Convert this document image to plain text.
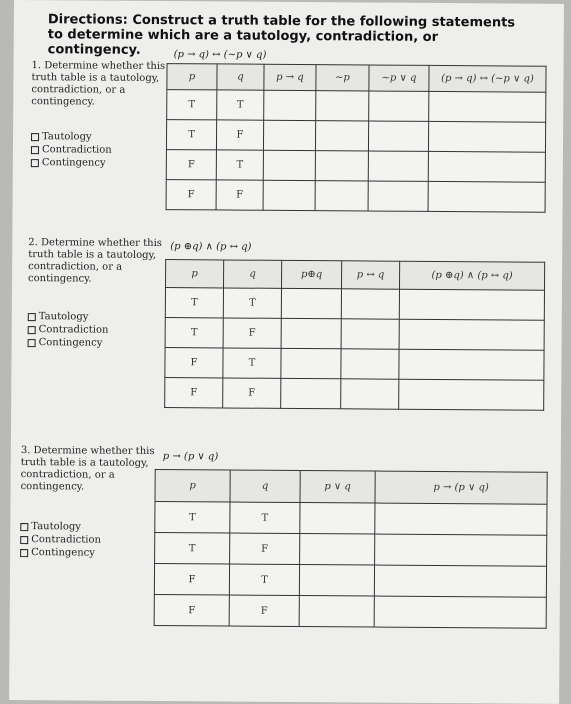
Directions: Construct a truth table for the following statements to determine which are a tautology, contradiction, or contingency.	(p → q) ↔ (~p ∨ q)
1. Determine whether this truth table is a tautology, contradiction, or a contingency.
Tautology
Contradiction
Contingency
p	q	p → q	~p	~p ∨ q	(p → q) ↔ (~p ∨ q)
T	T				
T	F				
F	T				
F	F				
(p ⊕q) ∧ (p ↔ q)
2. Determine whether this truth table is a tautology, contradiction, or a contingency.
Tautology
Contradiction
Contingency
p	q	p⊕q	p ↔ q	(p ⊕q) ∧ (p ↔ q)
T	T			
T	F			
F	T			
F	F			
p → (p ∨ q)
3. Determine whether this truth table is a tautology, contradiction, or a contingency.
Tautology
Contradiction
Contingency
p	q	p ∨ q	p → (p ∨ q)
T	T		
T	F		
F	T		
F	F		
